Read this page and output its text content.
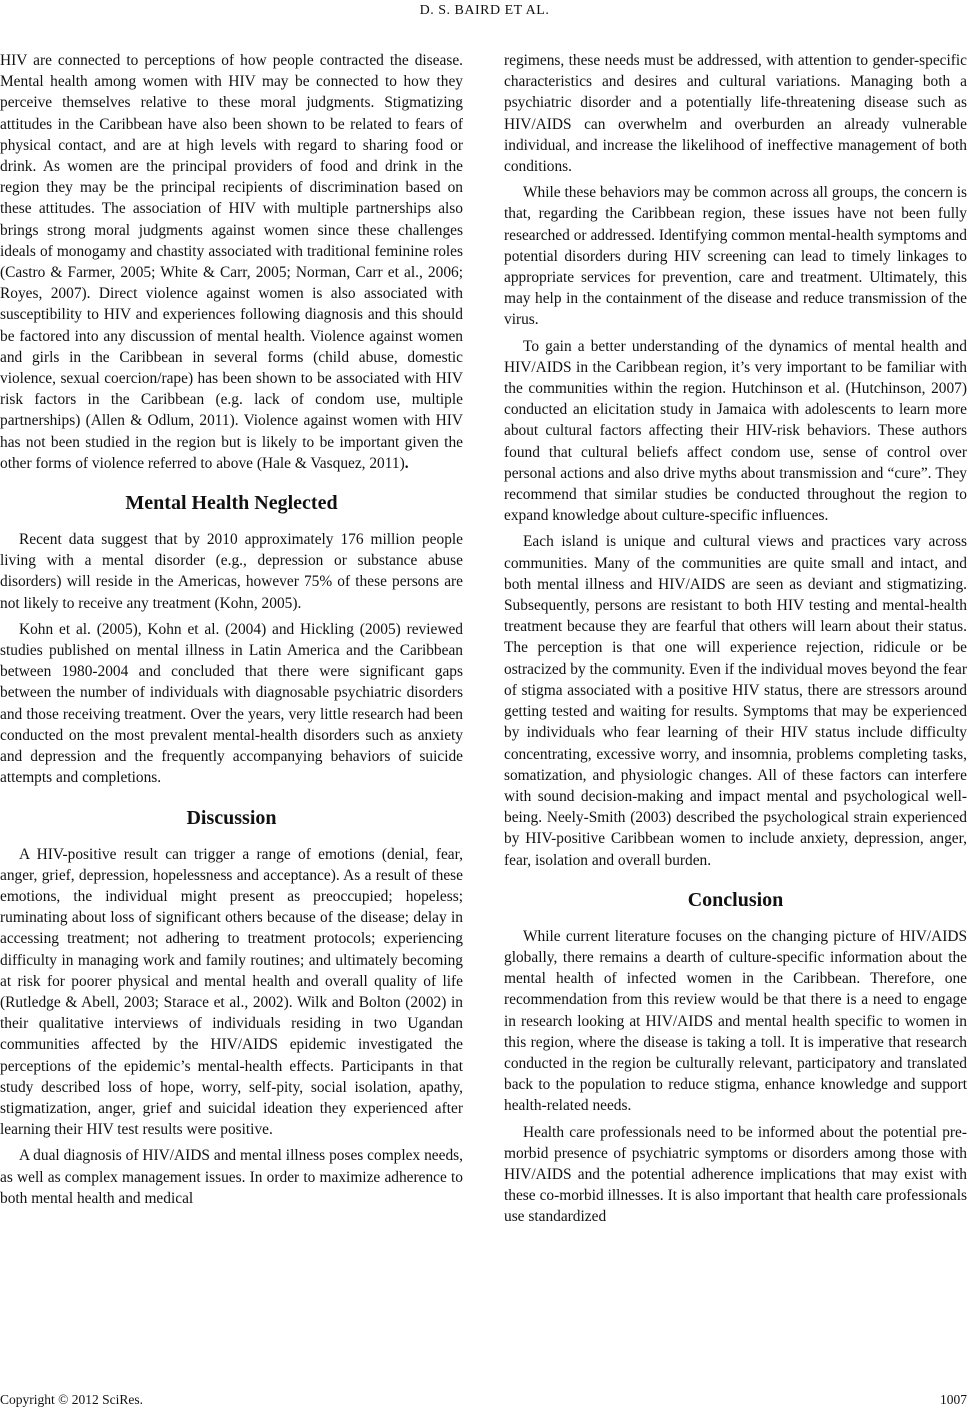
D. S. BAIRD ET AL.

HIV are connected to perceptions of how people contracted the disease. Mental health among women with HIV may be connected to how they perceive themselves relative to these moral judgments. Stigmatizing attitudes in the Caribbean have also been shown to be related to fears of physical contact, and are at high levels with regard to sharing food or drink. As women are the principal providers of food and drink in the region they may be the principal recipients of discrimination based on these attitudes. The association of HIV with multiple partnerships also brings strong moral judgments against women since these challenges ideals of monogamy and chastity associated with traditional feminine roles (Castro & Farmer, 2005; White & Carr, 2005; Norman, Carr et al., 2006; Royes, 2007). Direct violence against women is also associated with susceptibility to HIV and experiences following diagnosis and this should be factored into any discussion of mental health. Violence against women and girls in the Caribbean in several forms (child abuse, domestic violence, sexual coercion/rape) has been shown to be associated with HIV risk factors in the Caribbean (e.g. lack of condom use, multiple partnerships) (Allen & Odlum, 2011). Violence against women with HIV has not been studied in the region but is likely to be important given the other forms of violence referred to above (Hale & Vasquez, 2011).

Mental Health Neglected

Recent data suggest that by 2010 approximately 176 million people living with a mental disorder (e.g., depression or substance abuse disorders) will reside in the Americas, however 75% of these persons are not likely to receive any treatment (Kohn, 2005).

Kohn et al. (2005), Kohn et al. (2004) and Hickling (2005) reviewed studies published on mental illness in Latin America and the Caribbean between 1980-2004 and concluded that there were significant gaps between the number of individuals with diagnosable psychiatric disorders and those receiving treatment. Over the years, very little research had been conducted on the most prevalent mental-health disorders such as anxiety and depression and the frequently accompanying behaviors of suicide attempts and completions.

Discussion

A HIV-positive result can trigger a range of emotions (denial, fear, anger, grief, depression, hopelessness and acceptance). As a result of these emotions, the individual might present as preoccupied; hopeless; ruminating about loss of significant others because of the disease; delay in accessing treatment; not adhering to treatment protocols; experiencing difficulty in managing work and family routines; and ultimately becoming at risk for poorer physical and mental health and overall quality of life (Rutledge & Abell, 2003; Starace et al., 2002). Wilk and Bolton (2002) in their qualitative interviews of individuals residing in two Ugandan communities affected by the HIV/AIDS epidemic investigated the perceptions of the epidemic’s mental-health effects. Participants in that study described loss of hope, worry, self-pity, social isolation, apathy, stigmatization, anger, grief and suicidal ideation they experienced after learning their HIV test results were positive.

A dual diagnosis of HIV/AIDS and mental illness poses complex needs, as well as complex management issues. In order to maximize adherence to both mental health and medical

regimens, these needs must be addressed, with attention to gender-specific characteristics and desires and cultural variations. Managing both a psychiatric disorder and a potentially life-threatening disease such as HIV/AIDS can overwhelm and overburden an already vulnerable individual, and increase the likelihood of ineffective management of both conditions.

While these behaviors may be common across all groups, the concern is that, regarding the Caribbean region, these issues have not been fully researched or addressed. Identifying common mental-health symptoms and potential disorders during HIV screening can lead to timely linkages to appropriate services for prevention, care and treatment. Ultimately, this may help in the containment of the disease and reduce transmission of the virus.

To gain a better understanding of the dynamics of mental health and HIV/AIDS in the Caribbean region, it’s very important to be familiar with the communities within the region. Hutchinson et al. (Hutchinson, 2007) conducted an elicitation study in Jamaica with adolescents to learn more about cultural factors affecting their HIV-risk behaviors. These authors found that cultural beliefs affect condom use, sense of control over personal actions and also drive myths about transmission and “cure”. They recommend that similar studies be conducted throughout the region to expand knowledge about culture-specific influences.

Each island is unique and cultural views and practices vary across communities. Many of the communities are quite small and intact, and both mental illness and HIV/AIDS are seen as deviant and stigmatizing. Subsequently, persons are resistant to both HIV testing and mental-health treatment because they are fearful that others will learn about their status. The perception is that one will experience rejection, ridicule or be ostracized by the community. Even if the individual moves beyond the fear of stigma associated with a positive HIV status, there are stressors around getting tested and waiting for results. Symptoms that may be experienced by individuals who fear learning of their HIV status include difficulty concentrating, excessive worry, and insomnia, problems completing tasks, somatization, and physiologic changes. All of these factors can interfere with sound decision-making and impact mental and psychological well-being. Neely-Smith (2003) described the psychological strain experienced by HIV-positive Caribbean women to include anxiety, depression, anger, fear, isolation and overall burden.

Conclusion

While current literature focuses on the changing picture of HIV/AIDS globally, there remains a dearth of culture-specific information about the mental health of infected women in the Caribbean. Therefore, one recommendation from this review would be that there is a need to engage in research looking at HIV/AIDS and mental health specific to women in this region, where the disease is taking a toll. It is imperative that research conducted in the region be culturally relevant, participatory and translated back to the population to reduce stigma, enhance knowledge and support health-related needs.

Health care professionals need to be informed about the potential pre-morbid presence of psychiatric symptoms or disorders among those with HIV/AIDS and the potential adherence implications that may exist with these co-morbid illnesses. It is also important that health care professionals use standardized

Copyright © 2012 SciRes.	1007
